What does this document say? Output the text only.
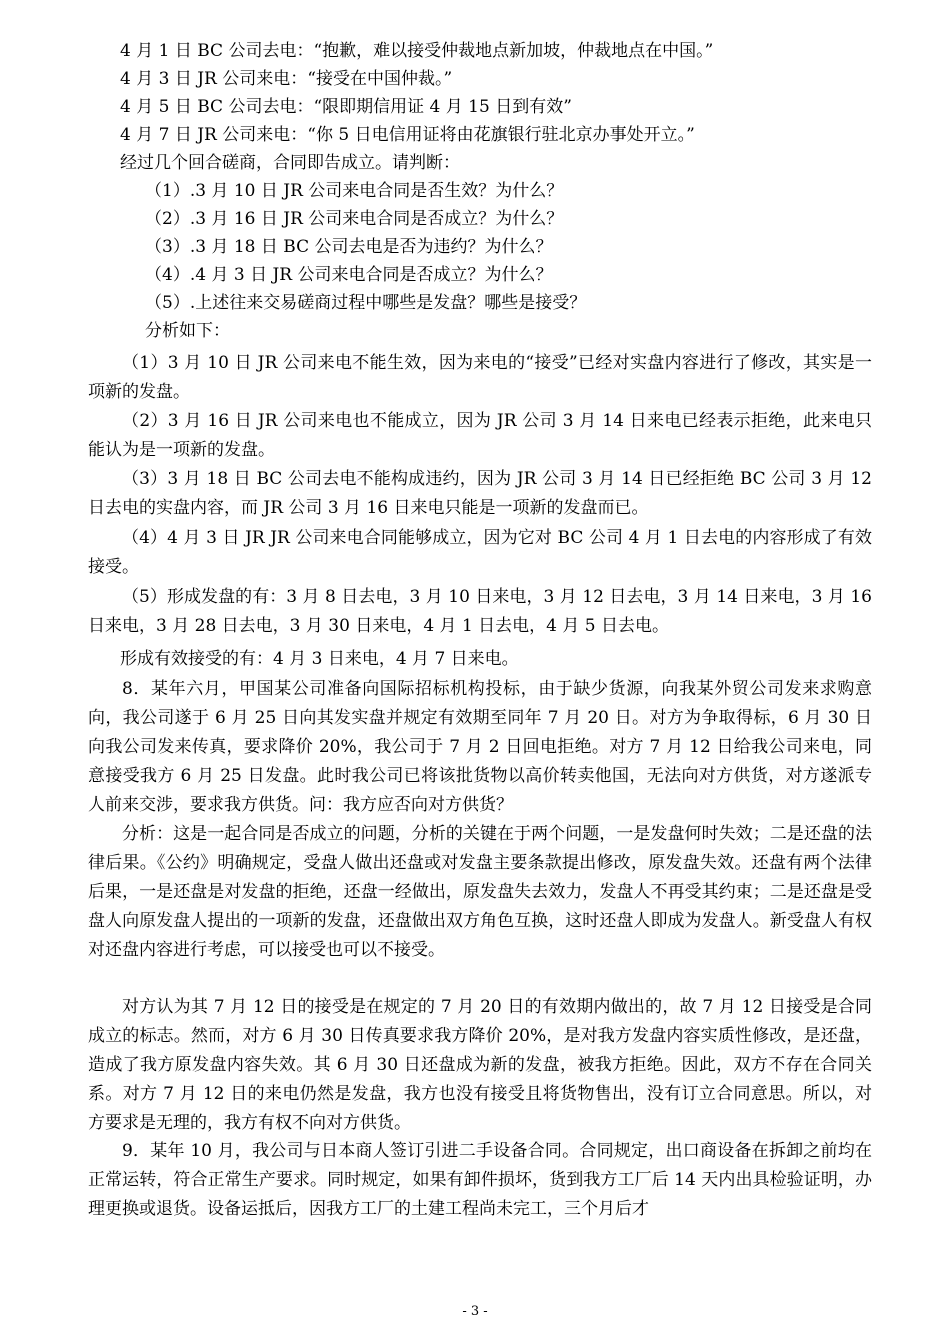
4 月 1 日 BC 公司去电：“抱歉，难以接受仲裁地点新加坡，仲裁地点在中国。”
4 月 3 日 JR 公司来电：“接受在中国仲裁。”
4 月 5 日 BC 公司去电：“限即期信用证 4 月 15 日到有效”
4 月 7 日 JR 公司来电：“你 5 日电信用证将由花旗银行驻北京办事处开立。”
经过几个回合磋商，合同即告成立。请判断：
（1）.3 月 10 日 JR 公司来电合同是否生效？为什么？
（2）.3 月 16 日 JR 公司来电合同是否成立？为什么？
（3）.3 月 18 日 BC 公司去电是否为违约？为什么？
（4）.4 月 3 日 JR 公司来电合同是否成立？为什么？
（5）.上述往来交易磋商过程中哪些是发盘？哪些是接受？
分析如下：
（1）3 月 10 日 JR 公司来电不能生效，因为来电的“接受”已经对实盘内容进行了修改，其实是一项新的发盘。
（2）3 月 16 日 JR 公司来电也不能成立，因为 JR 公司 3 月 14 日来电已经表示拒绝，此来电只能认为是一项新的发盘。
（3）3 月 18 日 BC 公司去电不能构成违约，因为 JR 公司 3 月 14 日已经拒绝 BC 公司 3 月 12 日去电的实盘内容，而 JR 公司 3 月 16 日来电只能是一项新的发盘而已。
（4）4 月 3 日 JR JR 公司来电合同能够成立，因为它对 BC 公司 4 月 1 日去电的内容形成了有效接受。
（5）形成发盘的有：3 月 8 日去电，3 月 10 日来电，3 月 12 日去电，3 月 14 日来电，3 月 16 日来电，3 月 28 日去电，3 月 30 日来电，4 月 1 日去电，4 月 5 日去电。
形成有效接受的有：4 月 3 日来电，4 月 7 日来电。
8．某年六月，甲国某公司准备向国际招标机构投标，由于缺少货源，向我某外贸公司发来求购意向，我公司遂于 6 月 25 日向其发实盘并规定有效期至同年 7 月 20 日。对方为争取得标，6 月 30 日向我公司发来传真，要求降价 20%，我公司于 7 月 2 日回电拒绝。对方 7 月 12 日给我公司来电，同意接受我方 6 月 25 日发盘。此时我公司已将该批货物以高价转卖他国，无法向对方供货，对方遂派专人前来交涉，要求我方供货。问：我方应否向对方供货？
分析：这是一起合同是否成立的问题，分析的关键在于两个问题，一是发盘何时失效；二是还盘的法律后果。《公约》明确规定，受盘人做出还盘或对发盘主要条款提出修改，原发盘失效。还盘有两个法律后果，一是还盘是对发盘的拒绝，还盘一经做出，原发盘失去效力，发盘人不再受其约束；二是还盘是受盘人向原发盘人提出的一项新的发盘，还盘做出双方角色互换，这时还盘人即成为发盘人。新受盘人有权对还盘内容进行考虑，可以接受也可以不接受。
对方认为其 7 月 12 日的接受是在规定的 7 月 20 日的有效期内做出的，故 7 月 12 日接受是合同成立的标志。然而，对方 6 月 30 日传真要求我方降价 20%，是对我方发盘内容实质性修改，是还盘，造成了我方原发盘内容失效。其 6 月 30 日还盘成为新的发盘，被我方拒绝。因此，双方不存在合同关系。对方 7 月 12 日的来电仍然是发盘，我方也没有接受且将货物售出，没有订立合同意思。所以，对方要求是无理的，我方有权不向对方供货。
9．某年 10 月，我公司与日本商人签订引进二手设备合同。合同规定，出口商设备在拆卸之前均在正常运转，符合正常生产要求。同时规定，如果有卸件损坏，货到我方工厂后 14 天内出具检验证明，办理更换或退货。设备运抵后，因我方工厂的土建工程尚未完工，三个月后才
- 3 -
